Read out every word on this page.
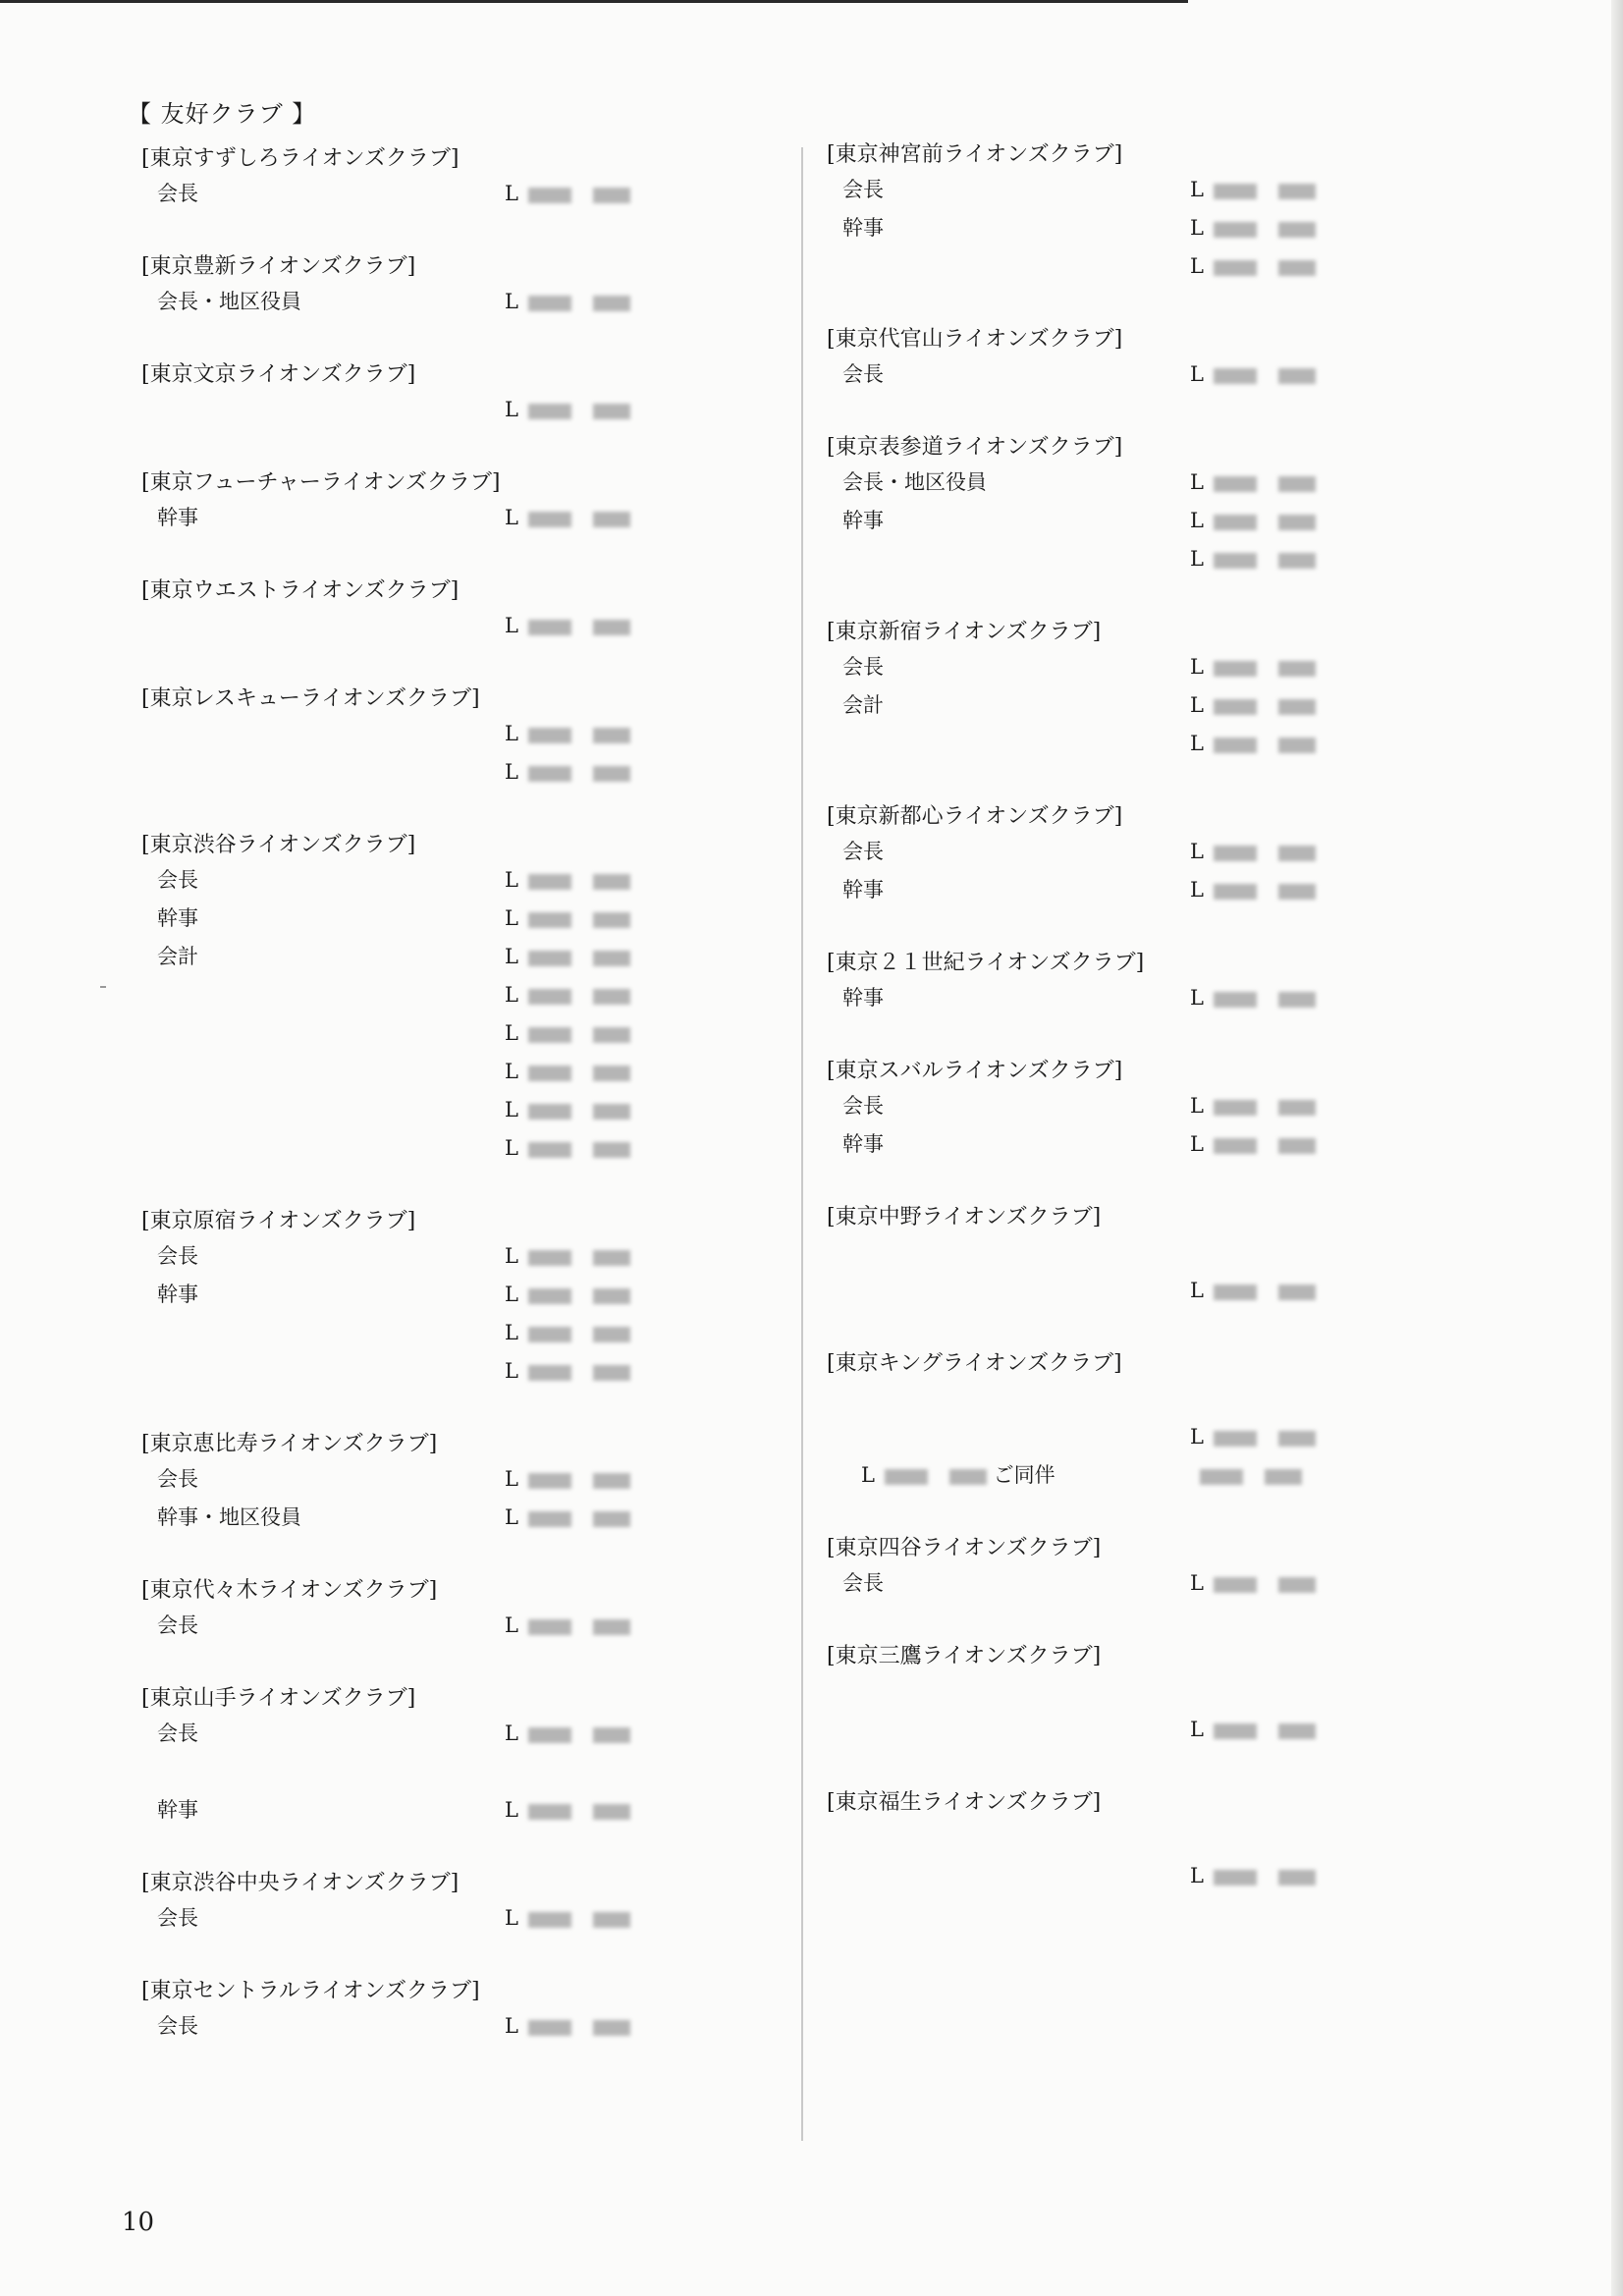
【 友好クラブ 】
[東京すずしろライオンズクラブ]
会長	L
[東京豊新ライオンズクラブ]
会長・地区役員	L
[東京文京ライオンズクラブ]
L
[東京フューチャーライオンズクラブ]
幹事	L
[東京ウエストライオンズクラブ]
L
[東京レスキューライオンズクラブ]
L
L
[東京渋谷ライオンズクラブ]
会長	L
幹事	L
会計	L
L
L
L
L
L
[東京原宿ライオンズクラブ]
会長	L
幹事	L
L
L
[東京恵比寿ライオンズクラブ]
会長	L
幹事・地区役員	L
[東京代々木ライオンズクラブ]
会長	L
[東京山手ライオンズクラブ]
会長	L
幹事	L
[東京渋谷中央ライオンズクラブ]
会長	L
[東京セントラルライオンズクラブ]
会長	L
[東京神宮前ライオンズクラブ]
会長	L
幹事	L
L
[東京代官山ライオンズクラブ]
会長	L
[東京表参道ライオンズクラブ]
会長・地区役員	L
幹事	L
L
[東京新宿ライオンズクラブ]
会長	L
会計	L
L
[東京新都心ライオンズクラブ]
会長	L
幹事	L
[東京２１世紀ライオンズクラブ]
幹事	L
[東京スバルライオンズクラブ]
会長	L
幹事	L
[東京中野ライオンズクラブ]
L
[東京キングライオンズクラブ]
L
L	ご同伴
[東京四谷ライオンズクラブ]
会長	L
[東京三鷹ライオンズクラブ]
L
[東京福生ライオンズクラブ]
L
10
